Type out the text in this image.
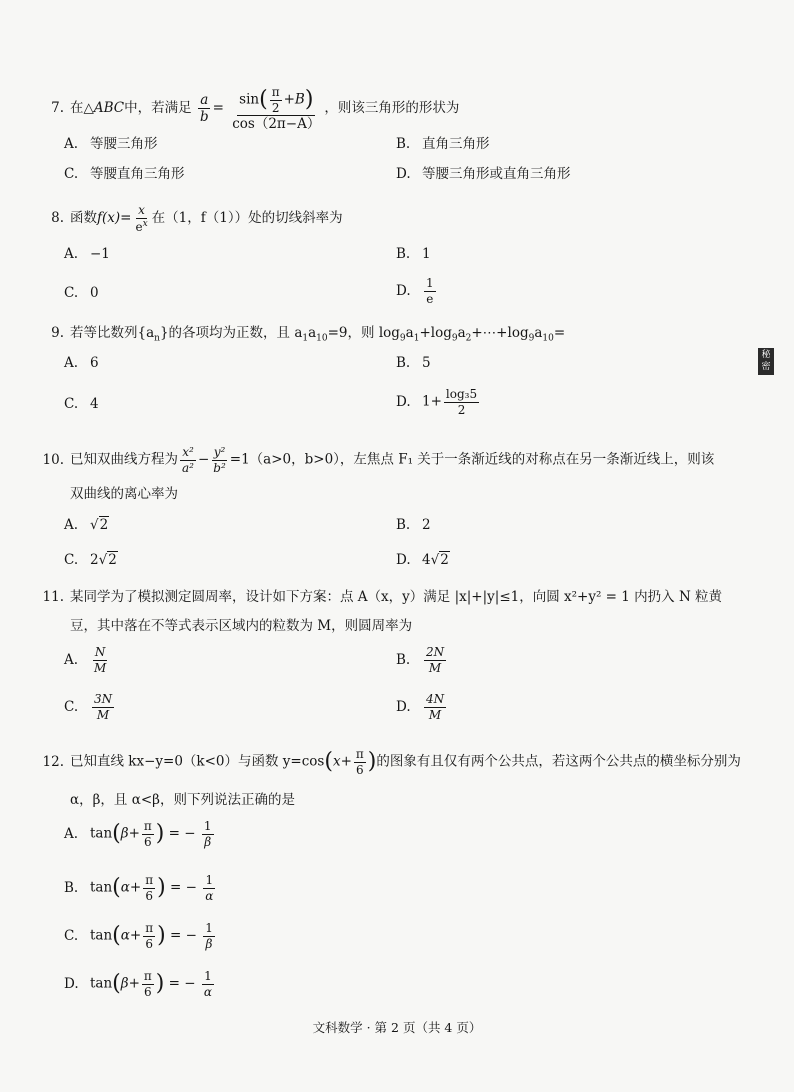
7. 在△ABC中，若满足 $\frac{a}{b} = \frac{\sin( \frac{\pi}{2} +B)}{\cos(2\pi-A)}$ ，则该三角形的形状为
A. 等腰三角形	B. 直角三角形
C. 等腰直角三角形	D. 等腰三角形或直角三角形
8. 函数$f(x)= \frac{x}{e^x}$ 在（1，f（1））处的切线斜率为
A. −1	B. 1
C. 0	D. $\frac{1}{e}$
9. 若等比数列$\{a_n\}$的各项均为正数，且 $a_1a_{10}=9$，则 $\log_9a_1+\log_9a_2+\cdots+\log_9a_{10}=$
A. 6	B. 5
C. 4	D. $1+ \frac{\text{log₃5}}{2}$
10. 已知双曲线方程为 $\frac{\text{x²}}{\text{a²}} - \frac{\text{y²}}{\text{b²}} =1(a>0$，b>0），左焦点 F₁ 关于一条渐近线的对称点在另一条渐近线上，则该
双曲线的离心率为
A. √2	B. 2
C. 2√2	D. 4√2
11. 某同学为了模拟测定圆周率，设计如下方案：点 A（x，y）满足 |x|+|y|≤1，向圆 x²+y² = 1 内扔入 N 粒黄
豆，其中落在不等式表示区域内的粒数为 M，则圆周率为
A. $\frac{N}{M}$	B. $\frac{2N}{M}$
C. $\frac{3N}{M}$	D. $\frac{4N}{M}$
12. 已知直线 kx−y=0（k<0）与函数 $y=\cos(x+ \frac{\pi}{6}$ )的图象有且仅有两个公共点，若这两个公共点的横坐标分别为
α，β，且 α<β，则下列说法正确的是
A. $\tan(\beta+ \frac{\pi}{6}$ ) = − $\frac{1}{\beta}$
B. $\tan(\alpha+ \frac{\pi}{6}$ ) = − $\frac{1}{\alpha}$
C. $\tan(\alpha+ \frac{\pi}{6}$ ) = − $\frac{1}{\beta}$
D. $\tan(\beta+ \frac{\pi}{6}$ ) = − $\frac{1}{\alpha}$
秘密
文科数学 · 第 2 页（共 4 页）
